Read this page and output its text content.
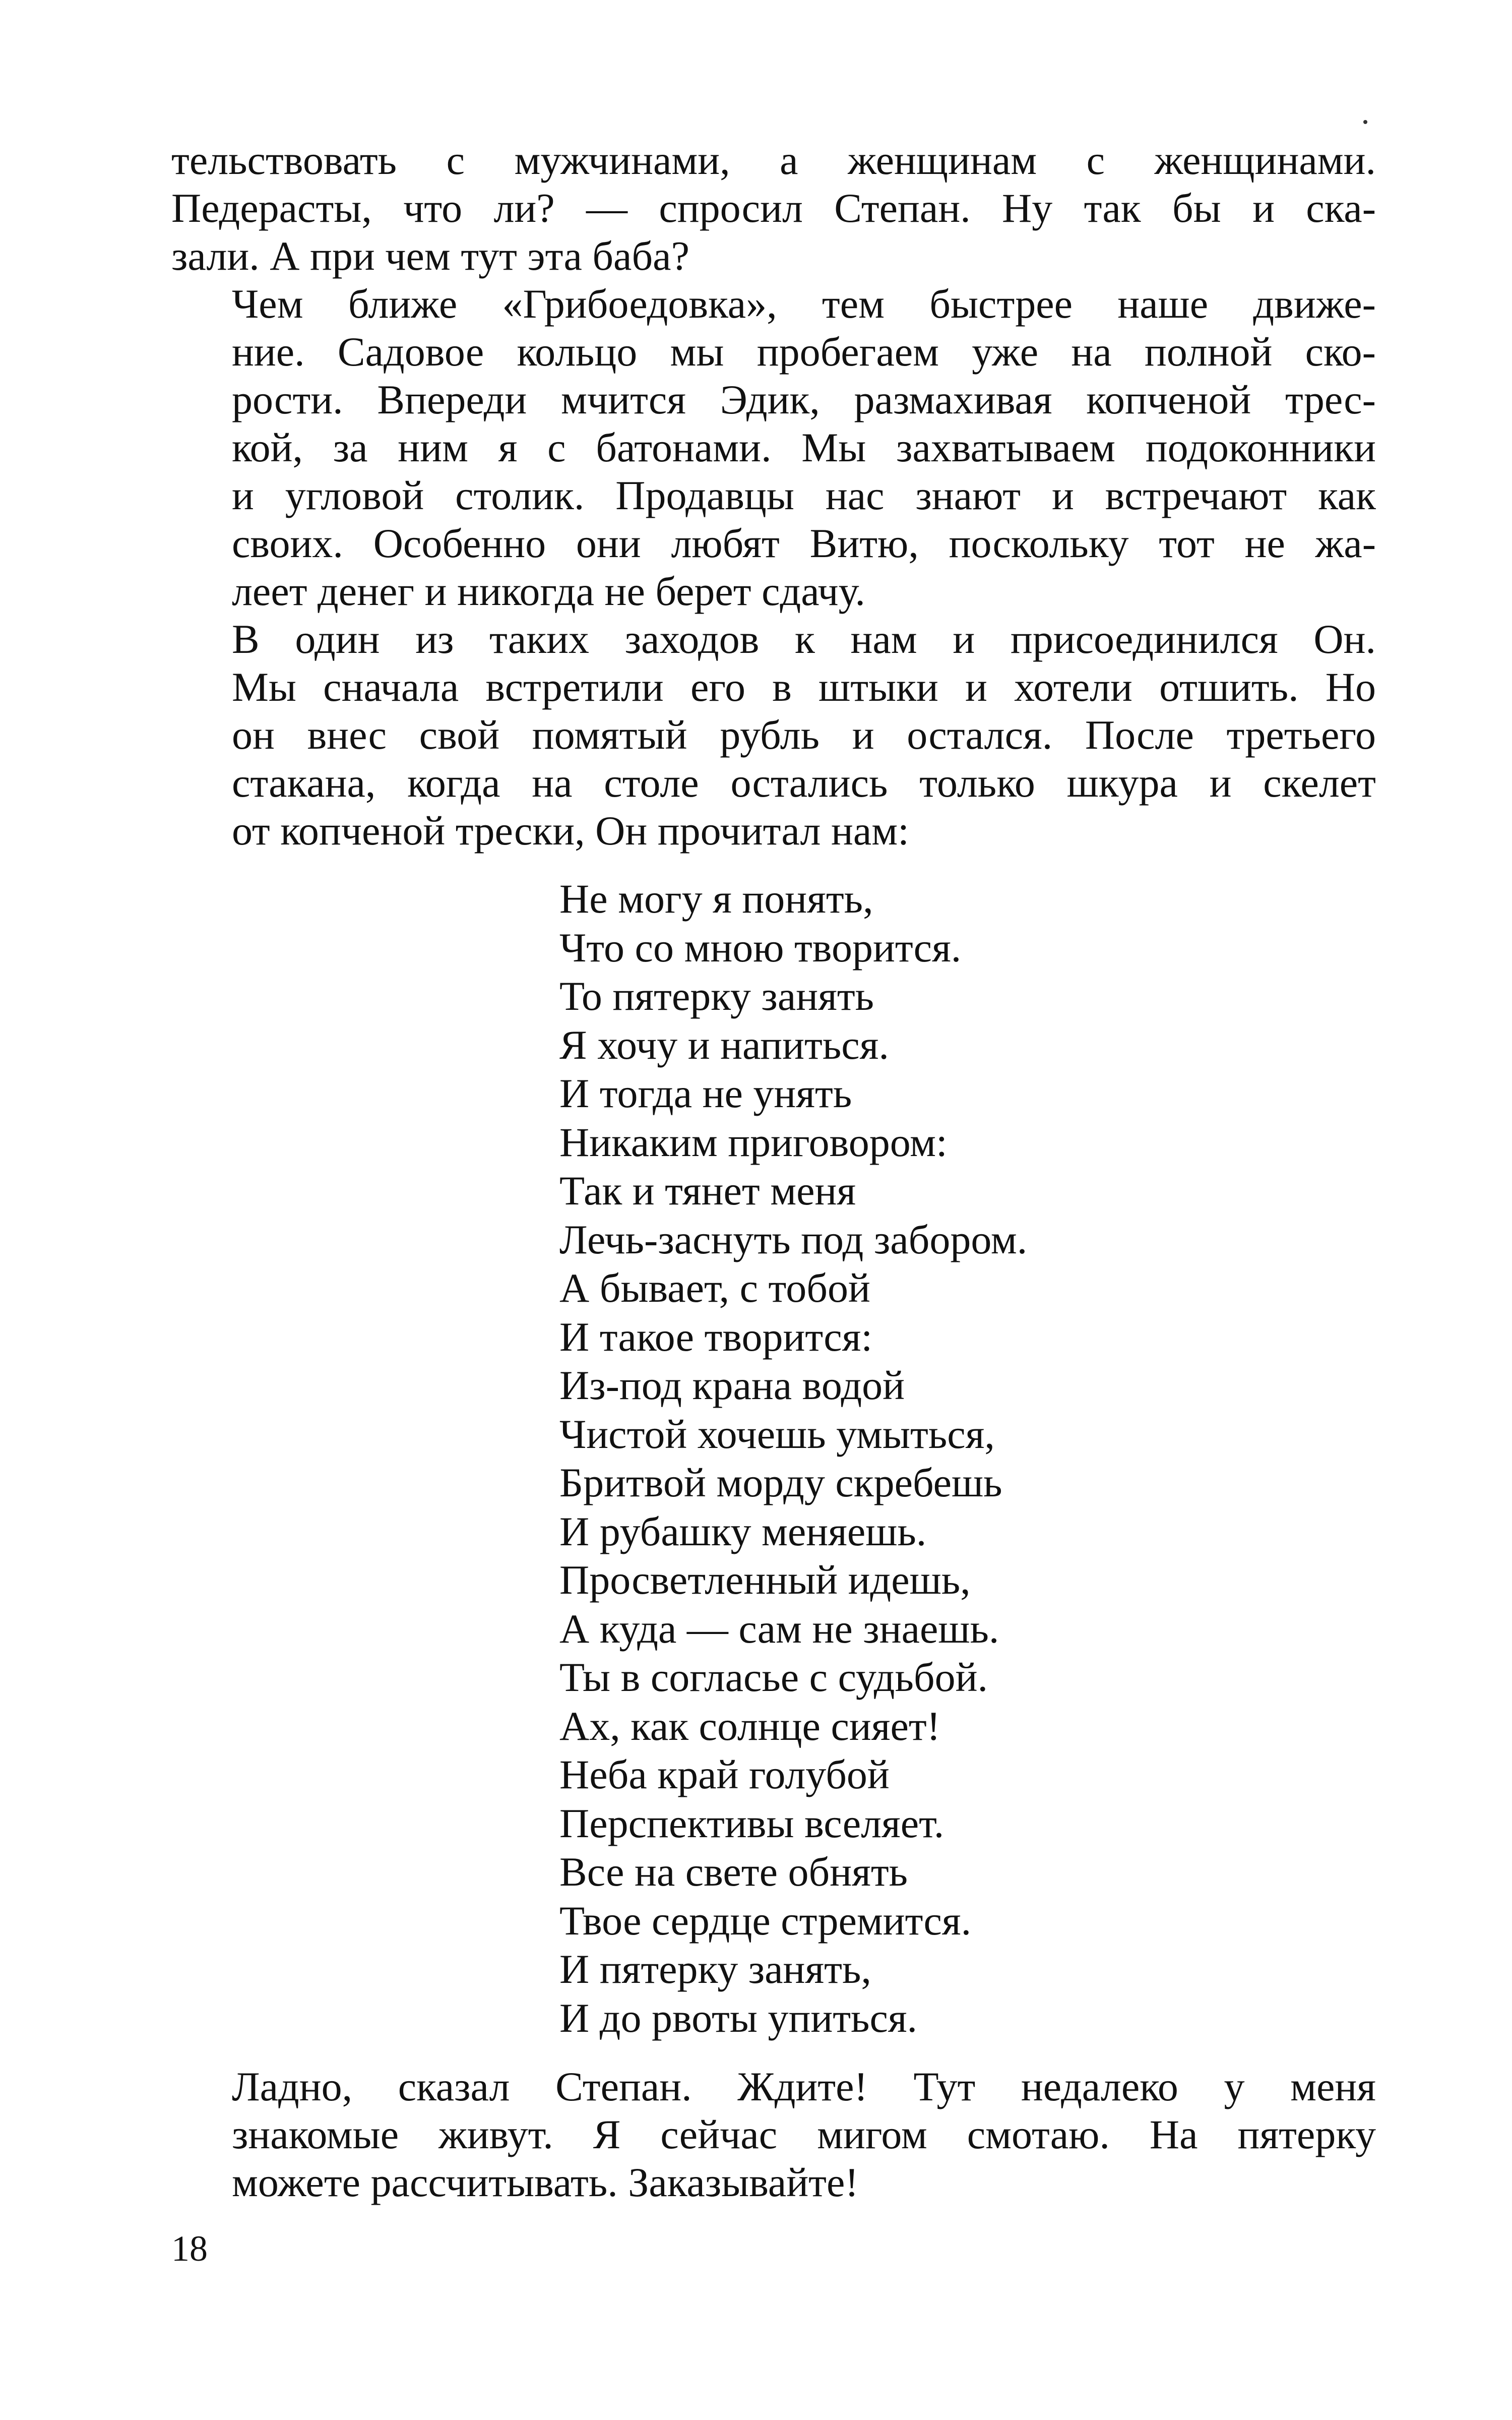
тельствовать с мужчинами, а женщинам с женщинами.
Педерасты, что ли? — спросил Степан. Ну так бы и ска-
зали. А при чем тут эта баба?

Чем ближе «Грибоедовка», тем быстрее наше движе-
ние. Садовое кольцо мы пробегаем уже на полной ско-
рости. Впереди мчится Эдик, размахивая копченой трес-
кой, за ним я с батонами. Мы захватываем подоконники
и угловой столик. Продавцы нас знают и встречают как
своих. Особенно они любят Витю, поскольку тот не жа-
леет денег и никогда не берет сдачу.

В один из таких заходов к нам и присоединился Он.
Мы сначала встретили его в штыки и хотели отшить. Но
он внес свой помятый рубль и остался. После третьего
стакана, когда на столе остались только шкура и скелет
от копченой трески, Он прочитал нам:

Не могу я понять,
Что со мною творится.
То пятерку занять
Я хочу и напиться.
И тогда не унять
Никаким приговором:
Так и тянет меня
Лечь-заснуть под забором.
А бывает, с тобой
И такое творится:
Из-под крана водой
Чистой хочешь умыться,
Бритвой морду скребешь
И рубашку меняешь.
Просветленный идешь,
А куда — сам не знаешь.
Ты в согласье с судьбой.
Ах, как солнце сияет!
Неба край голубой
Перспективы вселяет.
Все на свете обнять
Твое сердце стремится.
И пятерку занять,
И до рвоты упиться.

Ладно, сказал Степан. Ждите! Тут недалеко у меня
знакомые живут. Я сейчас мигом смотаю. На пятерку
можете рассчитывать. Заказывайте!

18
